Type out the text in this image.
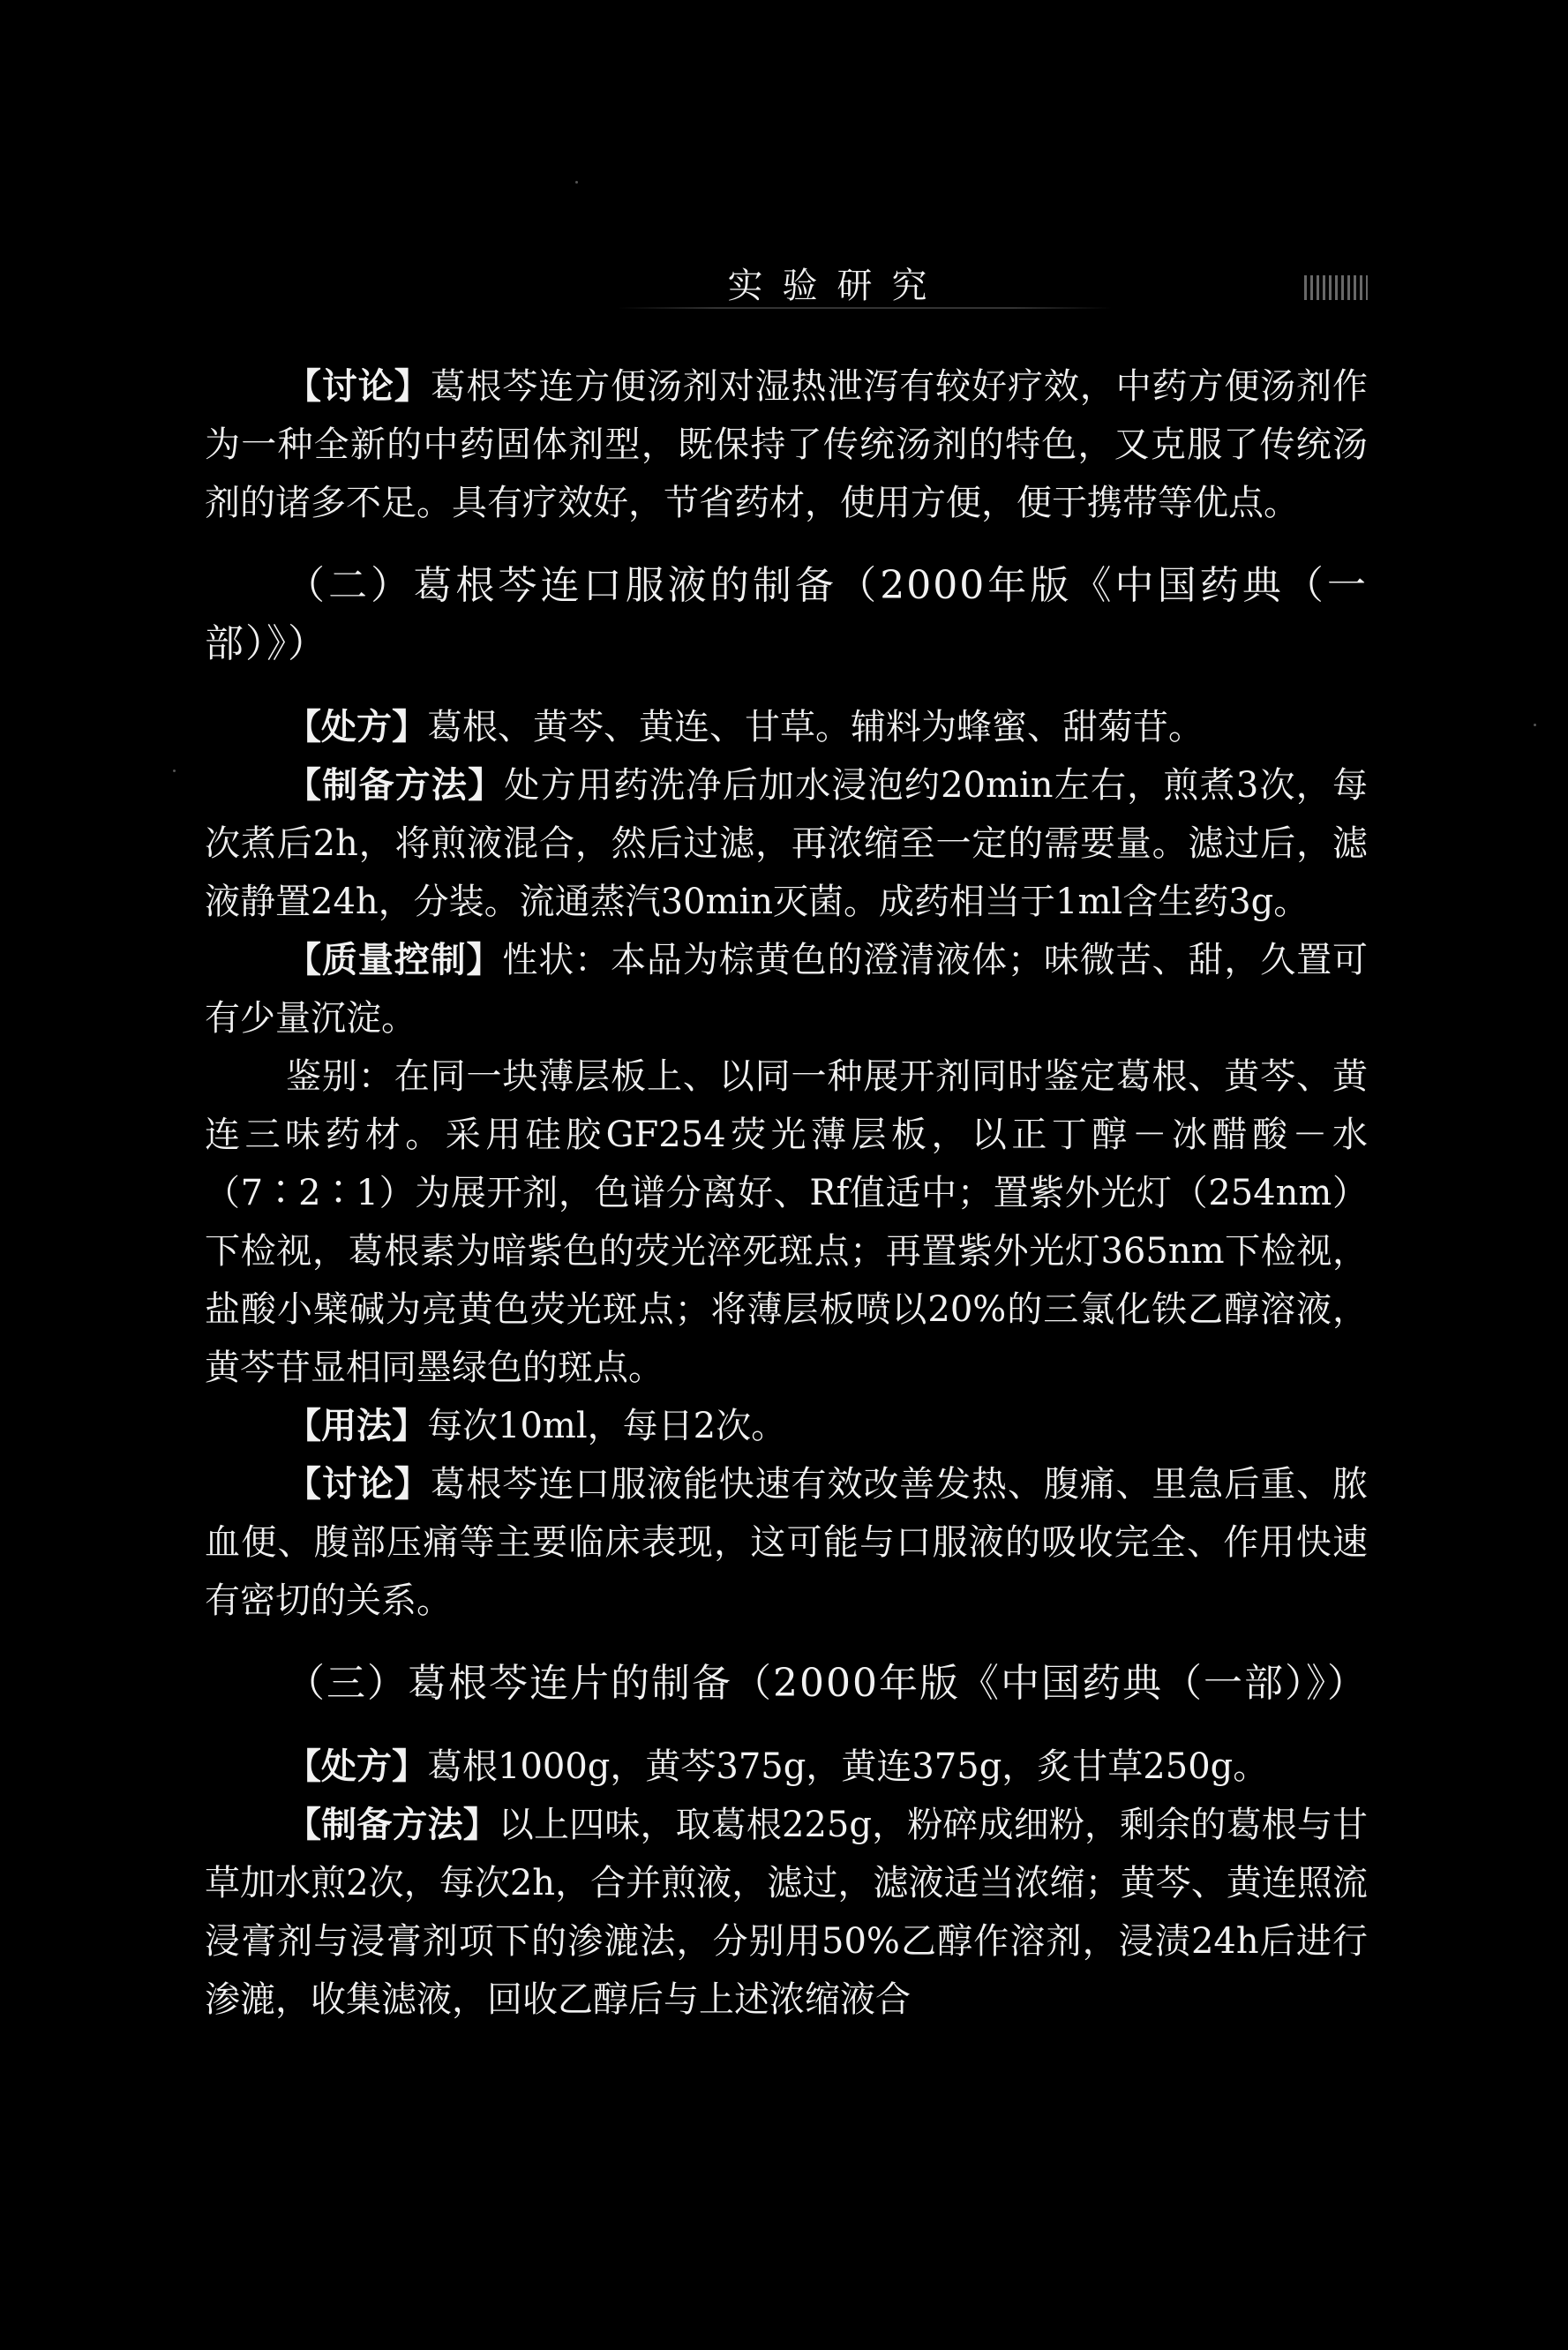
实验研究

【讨论】葛根芩连方便汤剂对湿热泄泻有较好疗效，中药方便汤剂作为一种全新的中药固体剂型，既保持了传统汤剂的特色，又克服了传统汤剂的诸多不足。具有疗效好，节省药材，使用方便，便于携带等优点。

（二）葛根芩连口服液的制备（2000年版《中国药典（一部）》）

【处方】葛根、黄芩、黄连、甘草。辅料为蜂蜜、甜菊苷。

【制备方法】处方用药洗净后加水浸泡约20min左右，煎煮3次，每次煮后2h，将煎液混合，然后过滤，再浓缩至一定的需要量。滤过后，滤液静置24h，分装。流通蒸汽30min灭菌。成药相当于1ml含生药3g。

【质量控制】性状：本品为棕黄色的澄清液体；味微苦、甜，久置可有少量沉淀。

鉴别：在同一块薄层板上、以同一种展开剂同时鉴定葛根、黄芩、黄连三味药材。采用硅胶GF254荧光薄层板，以正丁醇－冰醋酸－水（7∶2∶1）为展开剂，色谱分离好、Rf值适中；置紫外光灯（254nm）下检视，葛根素为暗紫色的荧光淬死斑点；再置紫外光灯365nm下检视，盐酸小檗碱为亮黄色荧光斑点；将薄层板喷以20%的三氯化铁乙醇溶液，黄芩苷显相同墨绿色的斑点。

【用法】每次10ml，每日2次。

【讨论】葛根芩连口服液能快速有效改善发热、腹痛、里急后重、脓血便、腹部压痛等主要临床表现，这可能与口服液的吸收完全、作用快速有密切的关系。

（三）葛根芩连片的制备（2000年版《中国药典（一部）》）

【处方】葛根1000g，黄芩375g，黄连375g，炙甘草250g。

【制备方法】以上四味，取葛根225g，粉碎成细粉，剩余的葛根与甘草加水煎2次，每次2h，合并煎液，滤过，滤液适当浓缩；黄芩、黄连照流浸膏剂与浸膏剂项下的渗漉法，分别用50%乙醇作溶剂，浸渍24h后进行渗漉，收集滤液，回收乙醇后与上述浓缩液合
